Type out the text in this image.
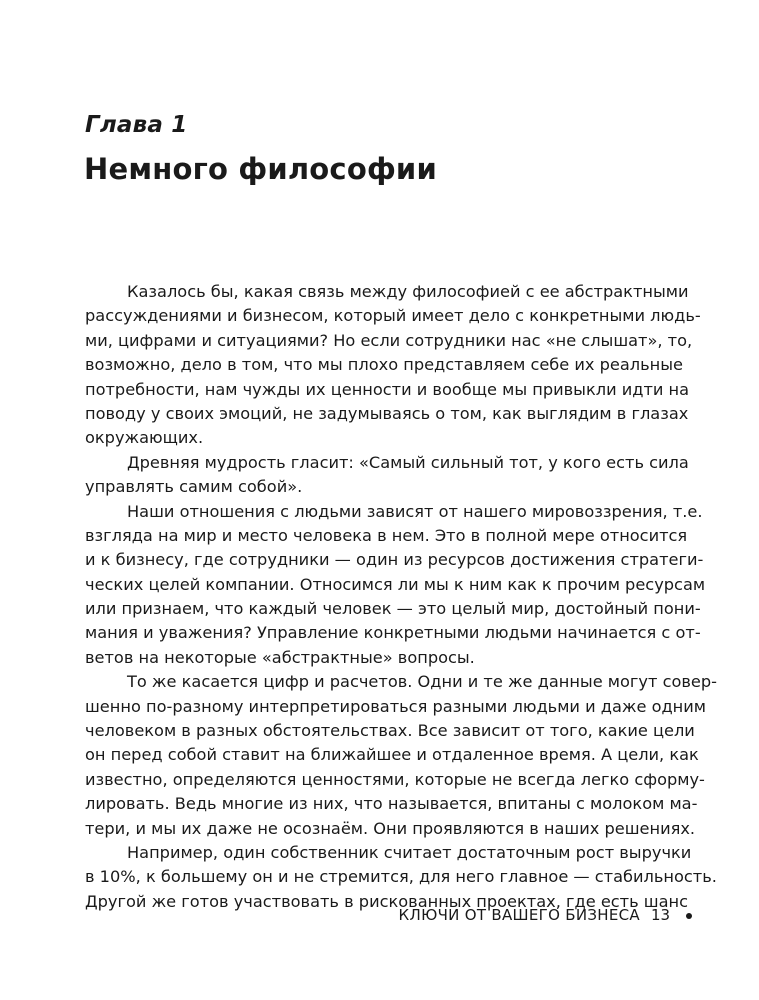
Глава 1
Немного философии
Казалось бы, какая связь между философией с ее абстрактными
рассуждениями и бизнесом, который имеет дело с конкретными людь-
ми, цифрами и ситуациями? Но если сотрудники нас «не слышат», то,
возможно, дело в том, что мы плохо представляем себе их реальные
потребности, нам чужды их ценности и вообще мы привыкли идти на
поводу у своих эмоций, не задумываясь о том, как выглядим в глазах
окружающих.
Древняя мудрость гласит: «Самый сильный тот, у кого есть сила
управлять самим собой».
Наши отношения с людьми зависят от нашего мировоззрения, т.е.
взгляда на мир и место человека в нем. Это в полной мере относится
и к бизнесу, где сотрудники — один из ресурсов достижения стратеги-
ческих целей компании. Относимся ли мы к ним как к прочим ресурсам
или признаем, что каждый человек — это целый мир, достойный пони-
мания и уважения? Управление конкретными людьми начинается с от-
ветов на некоторые «абстрактные» вопросы.
То же касается цифр и расчетов. Одни и те же данные могут совер-
шенно по-разному интерпретироваться разными людьми и даже одним
человеком в разных обстоятельствах. Все зависит от того, какие цели
он перед собой ставит на ближайшее и отдаленное время. А цели, как
известно, определяются ценностями, которые не всегда легко сформу-
лировать. Ведь многие из них, что называется, впитаны с молоком ма-
тери, и мы их даже не осознаём. Они проявляются в наших решениях.
Например, один собственник считает достаточным рост выручки
в 10%, к большему он и не стремится, для него главное — стабильность.
Другой же готов участвовать в рискованных проектах, где есть шанс
КЛЮЧИ ОТ ВАШЕГО БИЗНЕСА 13
